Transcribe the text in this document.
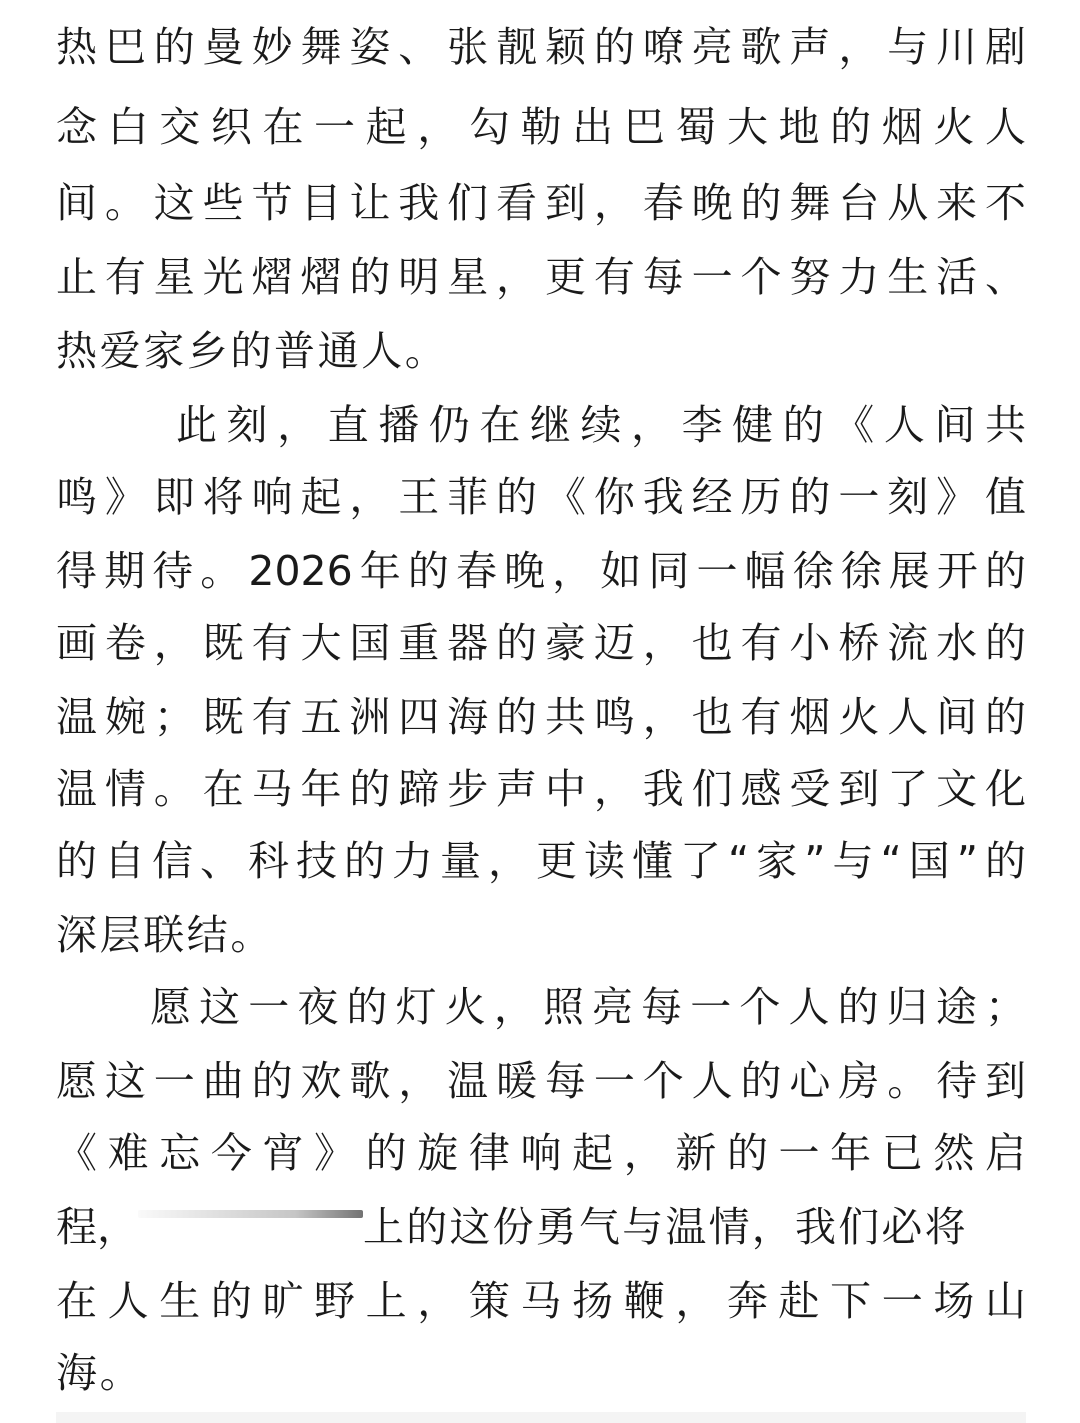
热巴的曼妙舞姿、张靓颖的嘹亮歌声，与川剧
念白交织在一起，勾勒出巴蜀大地的烟火人
间。这些节目让我们看到，春晚的舞台从来不
止有星光熠熠的明星，更有每一个努力生活、
热爱家乡的普通人。
此刻，直播仍在继续，李健的《人间共
鸣》即将响起，王菲的《你我经历的一刻》值
得期待。2026年的春晚，如同一幅徐徐展开的
画卷，既有大国重器的豪迈，也有小桥流水的
温婉；既有五洲四海的共鸣，也有烟火人间的
温情。在马年的蹄步声中，我们感受到了文化
的自信、科技的力量，更读懂了“家”与“国”的
深层联结。
愿这一夜的灯火，照亮每一个人的归途；
愿这一曲的欢歌，温暖每一个人的心房。待到
《难忘今宵》的旋律响起，新的一年已然启
程，	上的这份勇气与温情，我们必将
在人生的旷野上，策马扬鞭，奔赴下一场山
海。
